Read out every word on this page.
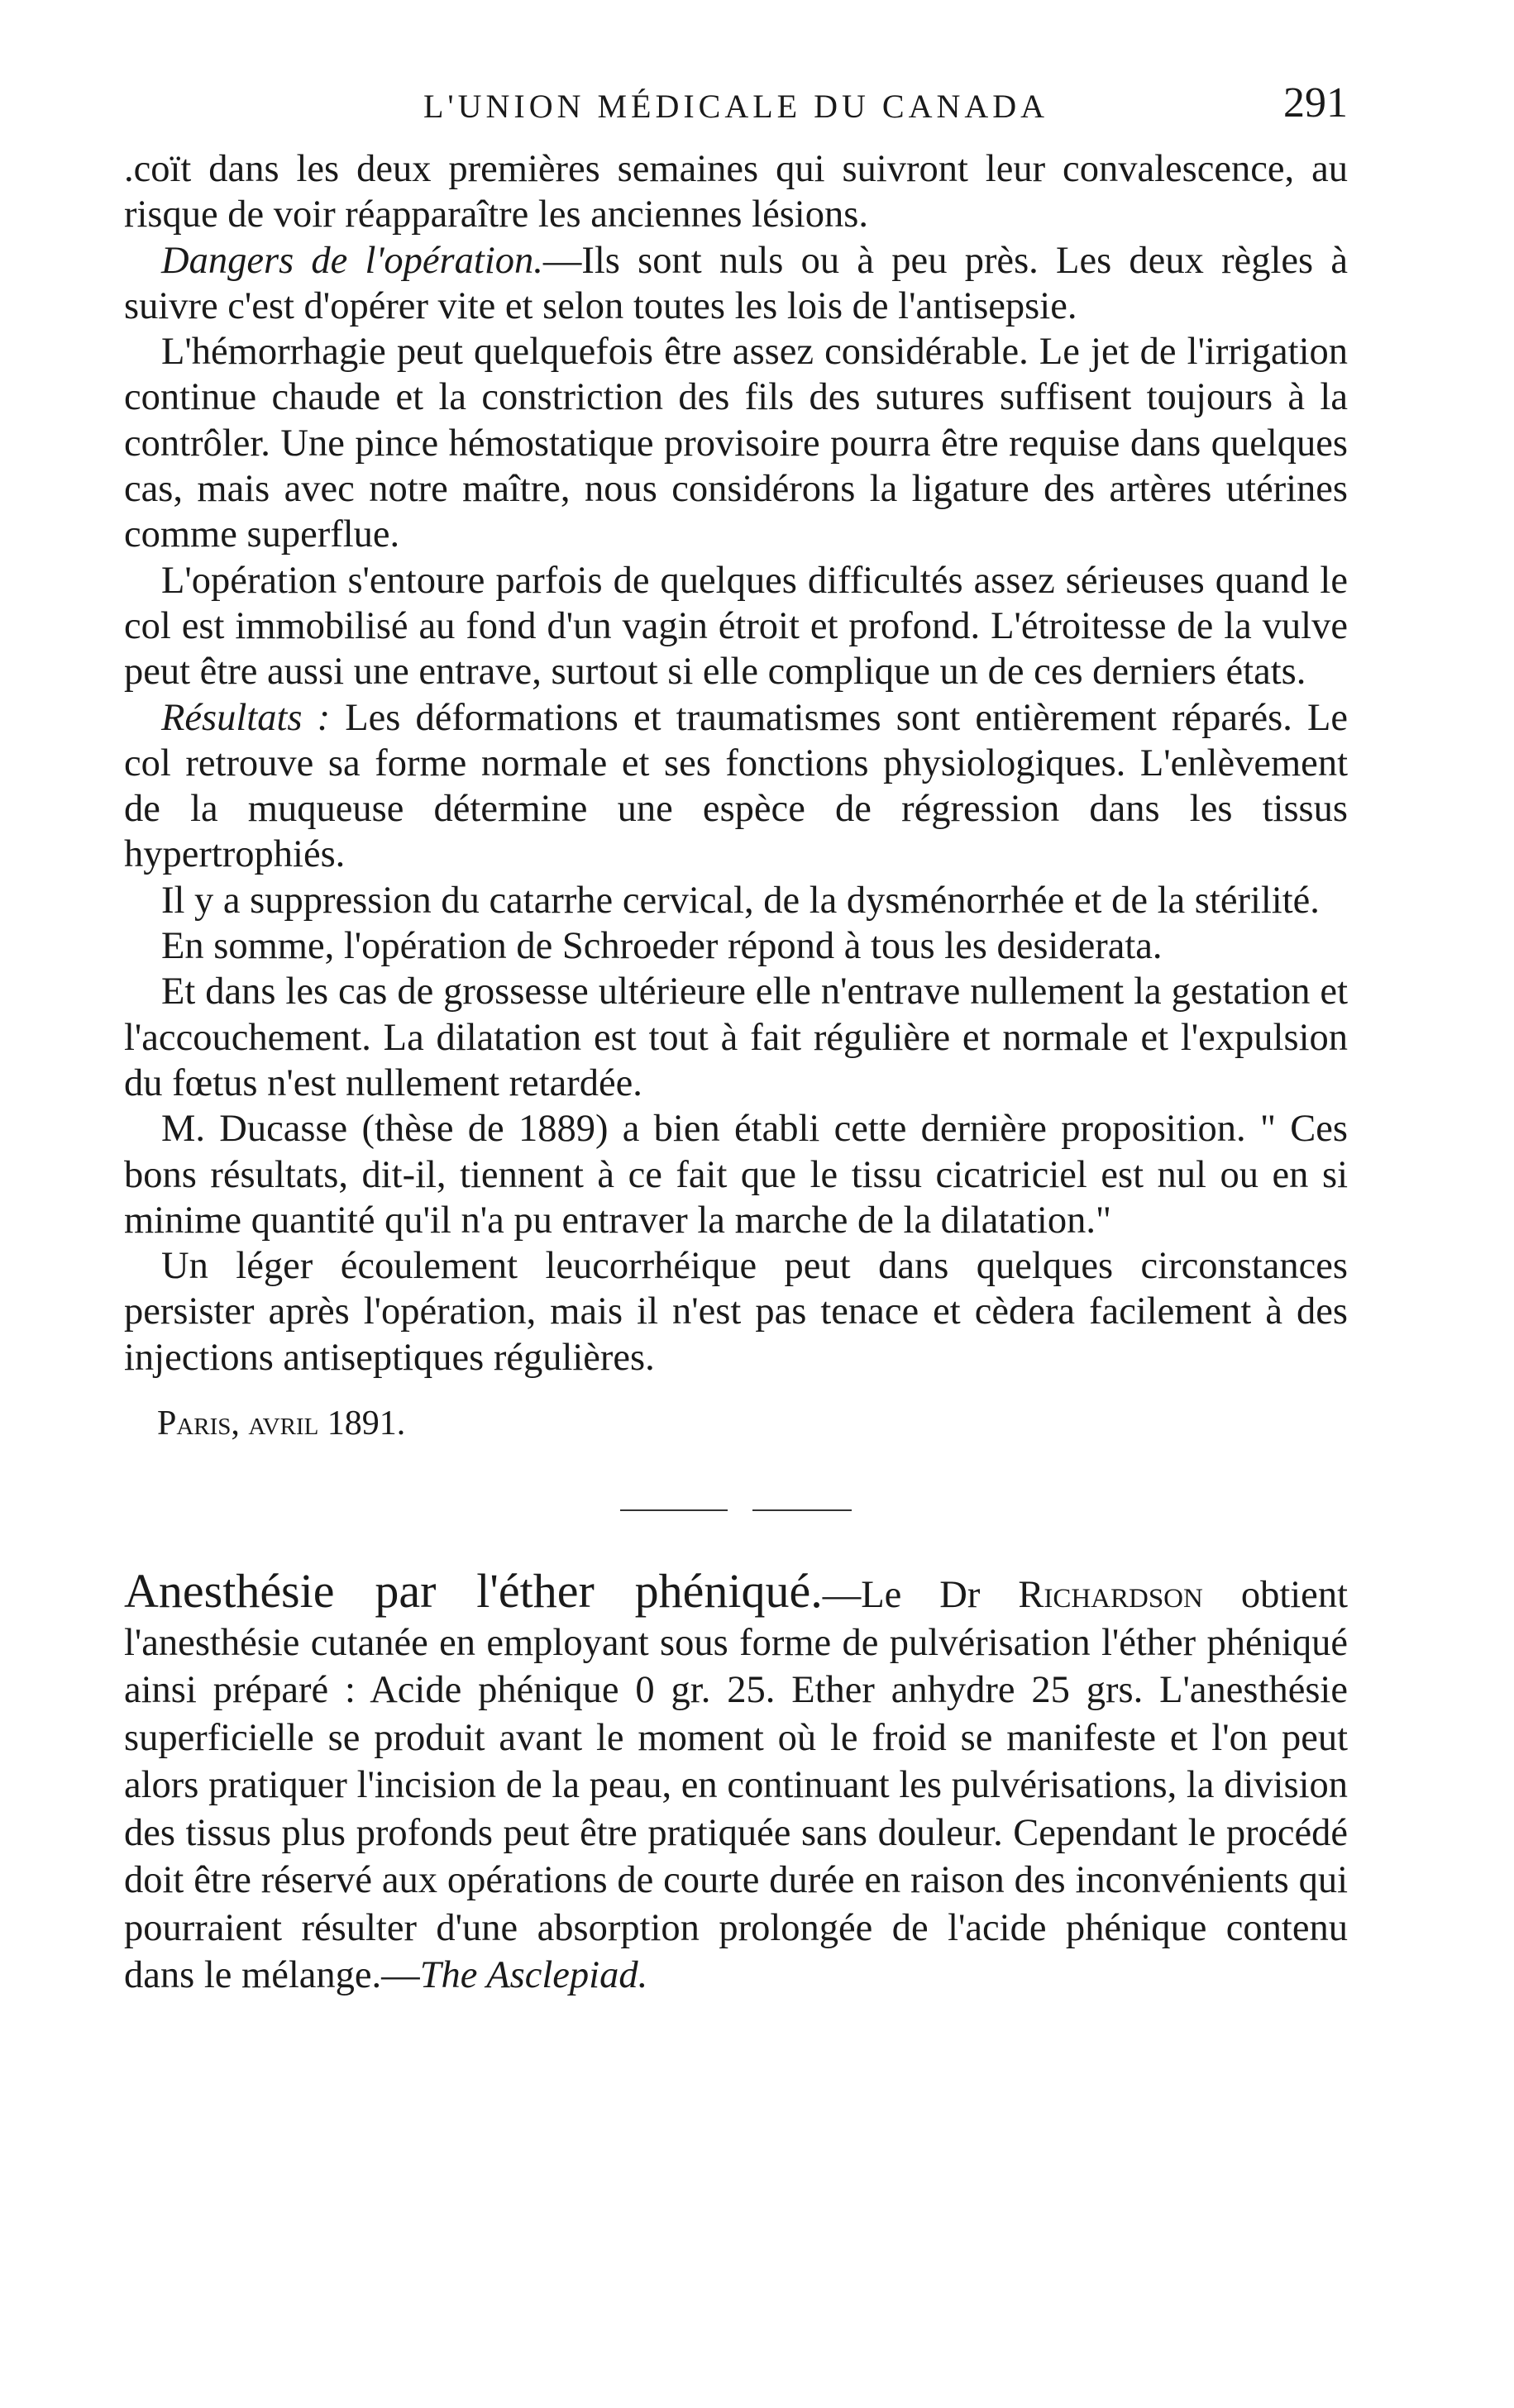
L'UNION MÉDICALE DU CANADA	291

.coït dans les deux premières semaines qui suivront leur convalescence, au risque de voir réapparaître les anciennes lésions.

Dangers de l'opération.—Ils sont nuls ou à peu près. Les deux règles à suivre c'est d'opérer vite et selon toutes les lois de l'antisepsie.

L'hémorrhagie peut quelquefois être assez considérable. Le jet de l'irrigation continue chaude et la constriction des fils des sutures suffisent toujours à la contrôler. Une pince hémostatique provisoire pourra être requise dans quelques cas, mais avec notre maître, nous considérons la ligature des artères utérines comme superflue.

L'opération s'entoure parfois de quelques difficultés assez sérieuses quand le col est immobilisé au fond d'un vagin étroit et profond. L'étroitesse de la vulve peut être aussi une entrave, surtout si elle complique un de ces derniers états.

Résultats : Les déformations et traumatismes sont entièrement réparés. Le col retrouve sa forme normale et ses fonctions physiologiques. L'enlèvement de la muqueuse détermine une espèce de régression dans les tissus hypertrophiés.

Il y a suppression du catarrhe cervical, de la dysménorrhée et de la stérilité.

En somme, l'opération de Schroeder répond à tous les desiderata.

Et dans les cas de grossesse ultérieure elle n'entrave nullement la gestation et l'accouchement. La dilatation est tout à fait régulière et normale et l'expulsion du fœtus n'est nullement retardée.

M. Ducasse (thèse de 1889) a bien établi cette dernière proposition. " Ces bons résultats, dit-il, tiennent à ce fait que le tissu cicatriciel est nul ou en si minime quantité qu'il n'a pu entraver la marche de la dilatation."

Un léger écoulement leucorrhéique peut dans quelques circonstances persister après l'opération, mais il n'est pas tenace et cèdera facilement à des injections antiseptiques régulières.

Paris, avril 1891.
Anesthésie par l'éther phéniqué.—Le Dr Richardson obtient l'anesthésie cutanée en employant sous forme de pulvérisation l'éther phéniqué ainsi préparé : Acide phénique 0 gr. 25. Ether anhydre 25 grs. L'anesthésie superficielle se produit avant le moment où le froid se manifeste et l'on peut alors pratiquer l'incision de la peau, en continuant les pulvérisations, la division des tissus plus profonds peut être pratiquée sans douleur. Cependant le procédé doit être réservé aux opérations de courte durée en raison des inconvénients qui pourraient résulter d'une absorption prolongée de l'acide phénique contenu dans le mélange.—The Asclepiad.
